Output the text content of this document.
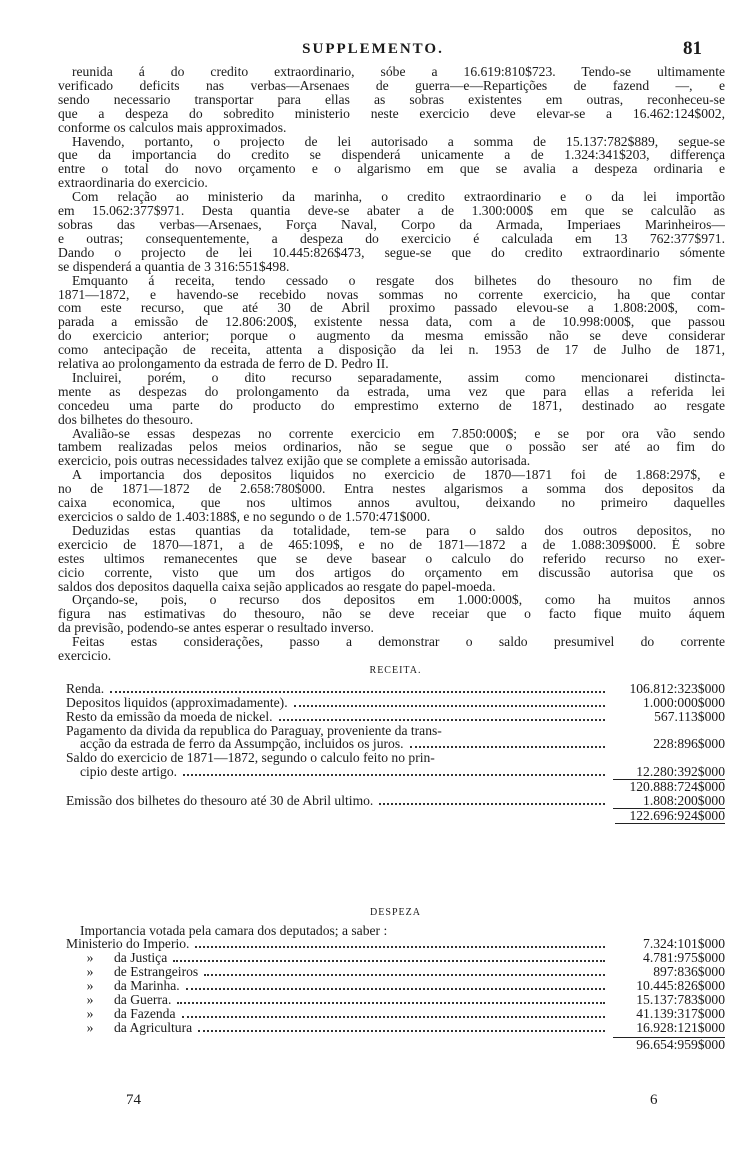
SUPPLEMENTO.	81
reunida á do credito extraordinario, sóbe a 16.619:810$723. Tendo-se ultimamente
verificado deficits nas verbas—Arsenaes de guerra—e—Repartições de fazend —, e
sendo necessario transportar para ellas as sobras existentes em outras, reconheceu-se
que a despeza do sobredito ministerio neste exercicio deve elevar-se a 16.462:124$002,
conforme os calculos mais approximados.
Havendo, portanto, o projecto de lei autorisado a somma de 15.137:782$889, segue-se
que da importancia do credito se dispenderá unicamente a de 1.324:341$203, differença
entre o total do novo orçamento e o algarismo em que se avalia a despeza ordinaria e
extraordinaria do exercicio.
Com relação ao ministerio da marinha, o credito extraordinario e o da lei importão
em 15.062:377$971. Desta quantia deve-se abater a de 1.300:000$ em que se calculão as
sobras das verbas—Arsenaes, Força Naval, Corpo da Armada, Imperiaes Marinheiros—
e outras; consequentemente, a despeza do exercicio é calculada em 13 762:377$971.
Dando o projecto de lei 10.445:826$473, segue-se que do credito extraordinario sómente
se dispenderá a quantia de 3 316:551$498.
Emquanto á receita, tendo cessado o resgate dos bilhetes do thesouro no fim de
1871—1872, e havendo-se recebido novas sommas no corrente exercicio, ha que contar
com este recurso, que até 30 de Abril proximo passado elevou-se a 1.808:200$, com-
parada a emissão de 12.806:200$, existente nessa data, com a de 10.998:000$, que passou
do exercicio anterior; porque o augmento da mesma emissão não se deve considerar
como antecipação de receita, attenta a disposição da lei n. 1953 de 17 de Julho de 1871,
relativa ao prolongamento da estrada de ferro de D. Pedro II.
Incluirei, porém, o dito recurso separadamente, assim como mencionarei distincta-
mente as despezas do prolongamento da estrada, uma vez que para ellas a referida lei
concedeu uma parte do producto do emprestimo externo de 1871, destinado ao resgate
dos bilhetes do thesouro.
Avalião-se essas despezas no corrente exercicio em 7.850:000$; e se por ora vão sendo
tambem realizadas pelos meios ordinarios, não se segue que o possão ser até ao fim do
exercicio, pois outras necessidades talvez exijão que se complete a emissão autorisada.
A importancia dos depositos liquidos no exercicio de 1870—1871 foi de 1.868:297$, e
no de 1871—1872 de 2.658:780$000. Entra nestes algarismos a somma dos depositos da
caixa economica, que nos ultimos annos avultou, deixando no primeiro daquelles
exercicios o saldo de 1.403:188$, e no segundo o de 1.570:471$000.
Deduzidas estas quantias da totalidade, tem-se para o saldo dos outros depositos, no
exercicio de 1870—1871, a de 465:109$, e no de 1871—1872 a de 1.088:309$000. É sobre
estes ultimos remanecentes que se deve basear o calculo do referido recurso no exer-
cicio corrente, visto que um dos artigos do orçamento em discussão autorisa que os
saldos dos depositos daquella caixa sejão applicados ao resgate do papel-moeda.
Orçando-se, pois, o recurso dos depositos em 1.000:000$, como ha muitos annos
figura nas estimativas do thesouro, não se deve receiar que o facto fique muito áquem
da previsão, podendo-se antes esperar o resultado inverso.
Feitas estas considerações, passo a demonstrar o saldo presumivel do corrente
exercicio.
RECEITA.
Renda.	106.812:323$000
Depositos liquidos (approximadamente).	1.000:000$000
Resto da emissão da moeda de nickel.	567.113$000
Pagamento da divida da republica do Paraguay, proveniente da trans-
acção da estrada de ferro da Assumpção, incluidos os juros.	228:896$000
Saldo do exercicio de 1871—1872, segundo o calculo feito no prin-
cipio deste artigo.	12.280:392$000
120.888:724$000
Emissão dos bilhetes do thesouro até 30 de Abril ultimo.	1.808:200$000
122.696:924$000
DESPEZA
Importancia votada pela camara dos deputados; a saber :
Ministerio do Imperio.	7.324:101$000
»	da Justiça	4.781:975$000
»	de Estrangeiros	897:836$000
»	da Marinha.	10.445:826$000
»	da Guerra.	15.137:783$000
»	da Fazenda	41.139:317$000
»	da Agricultura	16.928:121$000
96.654:959$000
74	6
